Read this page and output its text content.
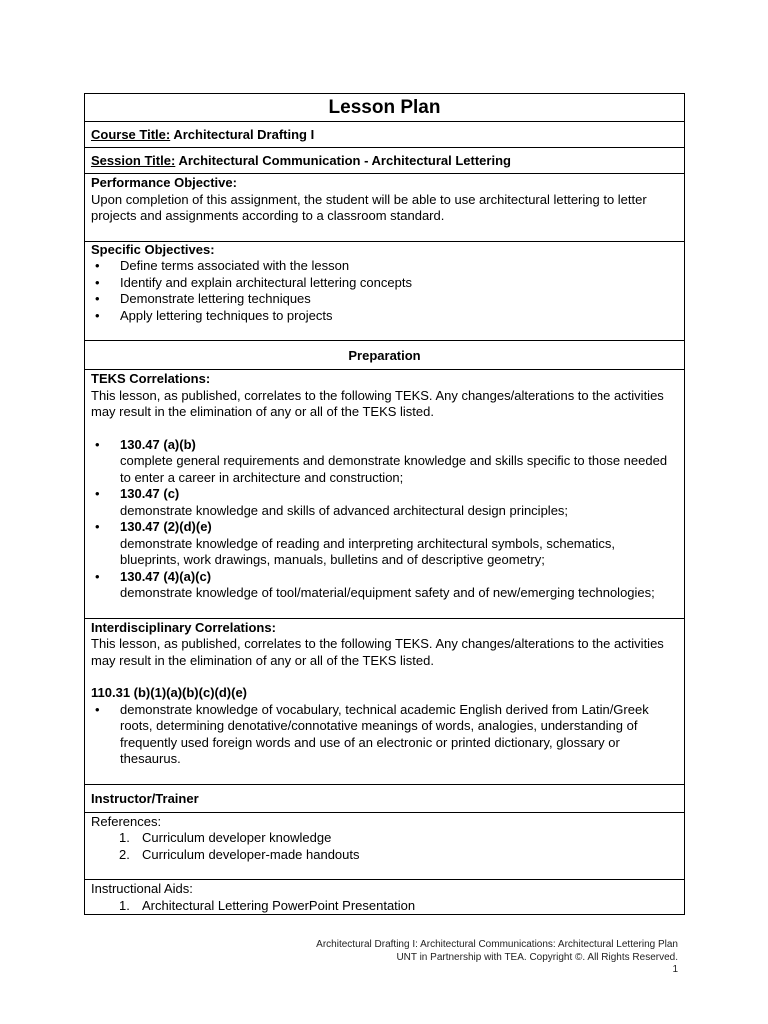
Lesson Plan
Course Title: Architectural Drafting I
Session Title: Architectural Communication - Architectural Lettering
Performance Objective:
Upon completion of this assignment, the student will be able to use architectural lettering to letter projects and assignments according to a classroom standard.
Specific Objectives:
• Define terms associated with the lesson
• Identify and explain architectural lettering concepts
• Demonstrate lettering techniques
• Apply lettering techniques to projects
Preparation
TEKS Correlations:
This lesson, as published, correlates to the following TEKS. Any changes/alterations to the activities may result in the elimination of any or all of the TEKS listed.
• 130.47 (a)(b)
complete general requirements and demonstrate knowledge and skills specific to those needed to enter a career in architecture and construction;
• 130.47 (c)
demonstrate knowledge and skills of advanced architectural design principles;
• 130.47 (2)(d)(e)
demonstrate knowledge of reading and interpreting architectural symbols, schematics, blueprints, work drawings, manuals, bulletins and of descriptive geometry;
• 130.47 (4)(a)(c)
demonstrate knowledge of tool/material/equipment safety and of new/emerging technologies;
Interdisciplinary Correlations:
This lesson, as published, correlates to the following TEKS. Any changes/alterations to the activities may result in the elimination of any or all of the TEKS listed.
110.31 (b)(1)(a)(b)(c)(d)(e)
• demonstrate knowledge of vocabulary, technical academic English derived from Latin/Greek roots, determining denotative/connotative meanings of words, analogies, understanding of frequently used foreign words and use of an electronic or printed dictionary, glossary or thesaurus.
Instructor/Trainer
References:
1. Curriculum developer knowledge
2. Curriculum developer-made handouts
Instructional Aids:
1. Architectural Lettering PowerPoint Presentation
Architectural Drafting I: Architectural Communications: Architectural Lettering Plan
UNT in Partnership with TEA. Copyright ©. All Rights Reserved.
1
